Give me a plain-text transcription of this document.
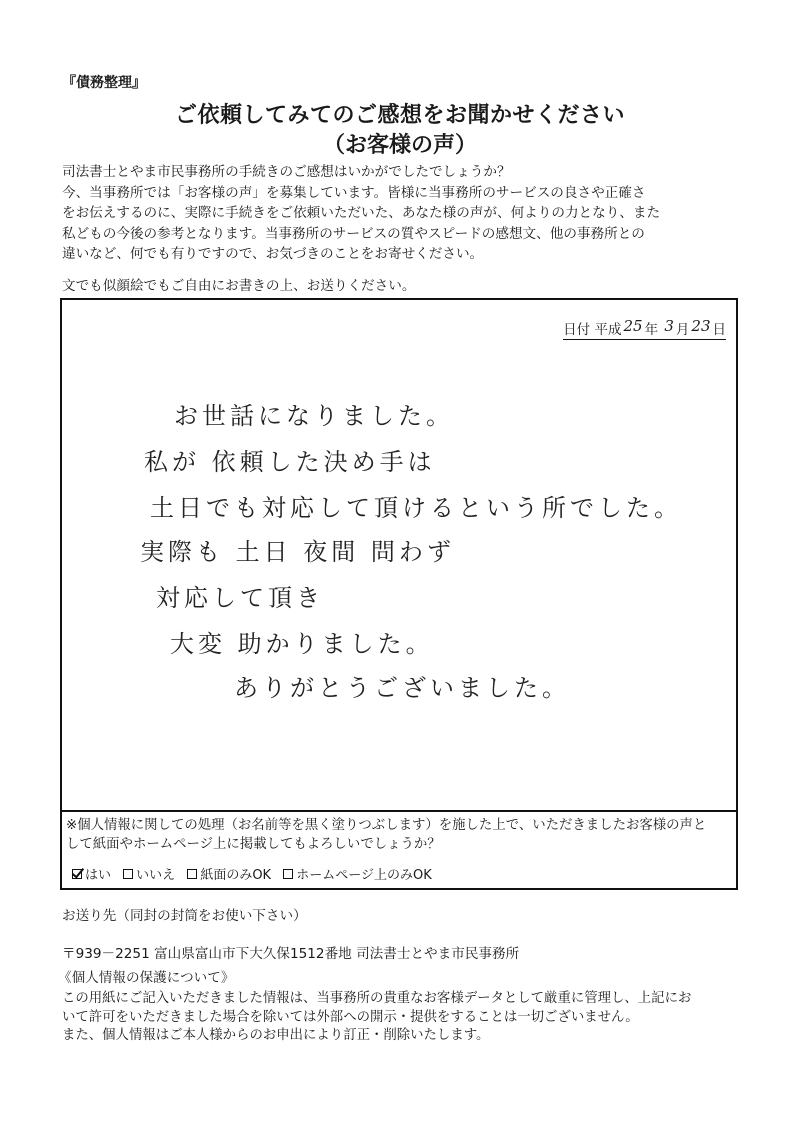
『債務整理』
ご依頼してみてのご感想をお聞かせください
（お客様の声）
司法書士とやま市民事務所の手続きのご感想はいかがでしたでしょうか？
今、当事務所では「お客様の声」を募集しています。皆様に当事務所のサービスの良さや正確さ
をお伝えするのに、実際に手続きをご依頼いただいた、あなた様の声が、何よりの力となり、また
私どもの今後の参考となります。当事務所のサービスの質やスピードの感想文、他の事務所との
違いなど、何でも有りですので、お気づきのことをお寄せください。
文でも似顔絵でもご自由にお書きの上、お送りください。
日付 平成 25 年 3 月 23 日
お世話になりました。
私が 依頼した決め手は
土日でも対応して頂けるという所でした。
実際も 土日 夜間 問わず
対応して頂き
大変 助かりました。
ありがとうございました。
※個人情報に関しての処理（お名前等を黒く塗りつぶします）を施した上で、いただきましたお客様の声と
して紙面やホームページ上に掲載してもよろしいでしょうか？
はい
いいえ
紙面のみOK
ホームページ上のみOK
お送り先（同封の封筒をお使い下さい）
〒939－2251 富山県富山市下大久保1512番地 司法書士とやま市民事務所
《個人情報の保護について》
この用紙にご記入いただきました情報は、当事務所の貴重なお客様データとして厳重に管理し、上記にお
いて許可をいただきました場合を除いては外部への開示・提供をすることは一切ございません。
また、個人情報はご本人様からのお申出により訂正・削除いたします。
